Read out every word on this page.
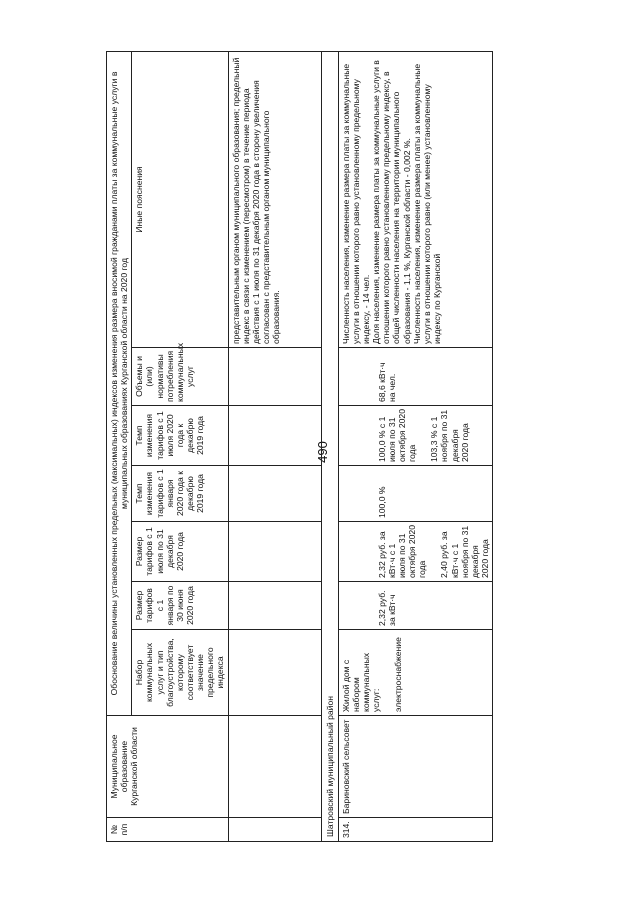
490
№ п/п	Муниципальное образование Курганской области	Обоснование величины установленных предельных (максимальных) индексов изменения размера вносимой гражданами платы за коммунальные услуги в муниципальных образованиях Курганской области на 2020 год						
		Набор коммунальных услуг и тип благоустройства, которому соответствует значение предельного индекса	Размер тарифов с 1 января по 30 июня 2020 года	Размер тарифов с 1 июля по 31 декабря 2020 года	Темп изменения тарифов с 1 января 2020 года к декабрю 2019 года	Темп изменения тарифов с 1 июля 2020 года к декабрю 2019 года	Объемы и (или) нормативы потребления коммунальных услуг	Иные пояснения
								представительным органом муниципального образования; предельный индекс в связи с изменением (пересмотром) в течение периода действия с 1 июля по 31 декабря 2020 года в сторону увеличения согласован с представительным органом муниципального образования.
Шатровский муниципальный район								
314.	Бариновский сельсовет	Жилой дом с набором коммунальных услуг: электроснабжение	2,32 руб. за кВт·ч	2,32 руб. за кВт·ч с 1 июля по 31 октября 2020 года 2,40 руб. за кВт·ч с 1 ноября по 31 декабря 2020 года	100,0 %	100,0 % с 1 июля по 31 октября 2020 года 103,3 % с 1 ноября по 31 декабря 2020 года	68,6 кВт·ч на чел.	Численность населения, изменение размера платы за коммунальные услуги в отношении которого равно установленному предельному индексу, - 14 чел. Доля населения, изменение размера платы за коммунальные услуги в отношении которого равно установленному предельному индексу, в общей численности населения на территории муниципального образования - 1,1 %, Курганской области - 0,002 %. Численность населения, изменение размера платы за коммунальные услуги в отношении которого равно (или менее) установленному индексу по Курганской
